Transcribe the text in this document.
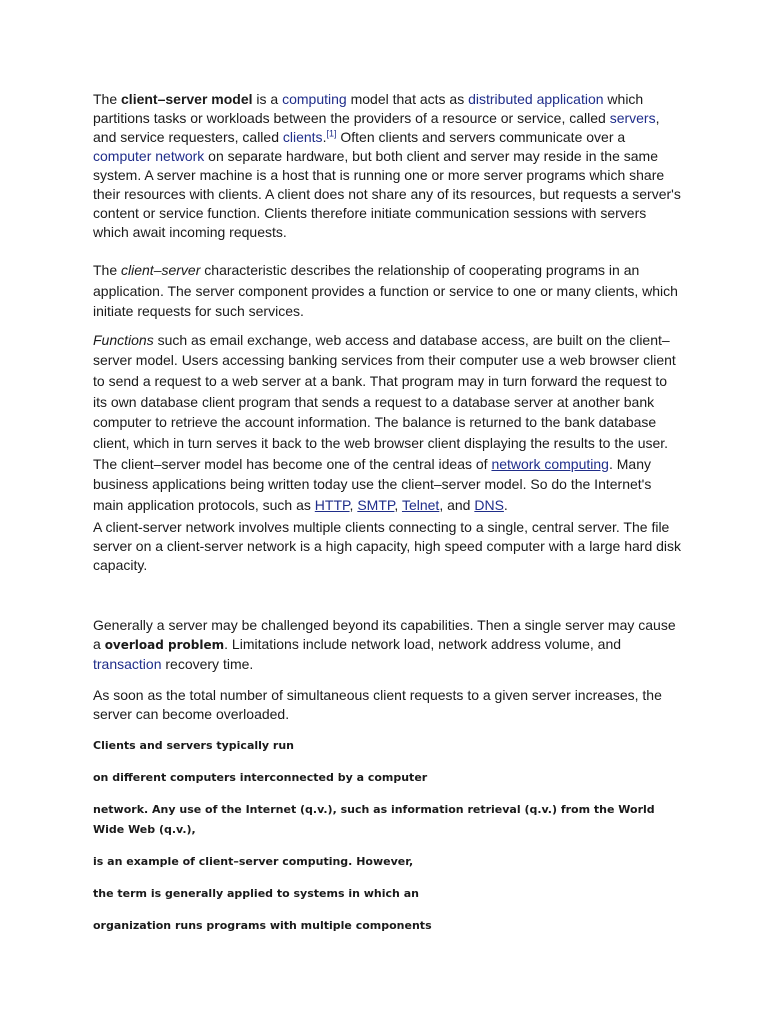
The client–server model is a computing model that acts as distributed application which partitions tasks or workloads between the providers of a resource or service, called servers, and service requesters, called clients.[1] Often clients and servers communicate over a computer network on separate hardware, but both client and server may reside in the same system. A server machine is a host that is running one or more server programs which share their resources with clients. A client does not share any of its resources, but requests a server's content or service function. Clients therefore initiate communication sessions with servers which await incoming requests.

The client–server characteristic describes the relationship of cooperating programs in an application. The server component provides a function or service to one or many clients, which initiate requests for such services.

Functions such as email exchange, web access and database access, are built on the client–server model. Users accessing banking services from their computer use a web browser client to send a request to a web server at a bank. That program may in turn forward the request to its own database client program that sends a request to a database server at another bank computer to retrieve the account information. The balance is returned to the bank database client, which in turn serves it back to the web browser client displaying the results to the user. The client–server model has become one of the central ideas of network computing. Many business applications being written today use the client–server model. So do the Internet's main application protocols, such as HTTP, SMTP, Telnet, and DNS.

A client-server network involves multiple clients connecting to a single, central server. The file server on a client-server network is a high capacity, high speed computer with a large hard disk capacity.

Generally a server may be challenged beyond its capabilities. Then a single server may cause a overload problem. Limitations include network load, network address volume, and transaction recovery time.

As soon as the total number of simultaneous client requests to a given server increases, the server can become overloaded.

Clients and servers typically run

on different computers interconnected by a computer

network. Any use of the Internet (q.v.), such as information retrieval (q.v.) from the World Wide Web (q.v.),

is an example of client–server computing. However,

the term is generally applied to systems in which an

organization runs programs with multiple components
